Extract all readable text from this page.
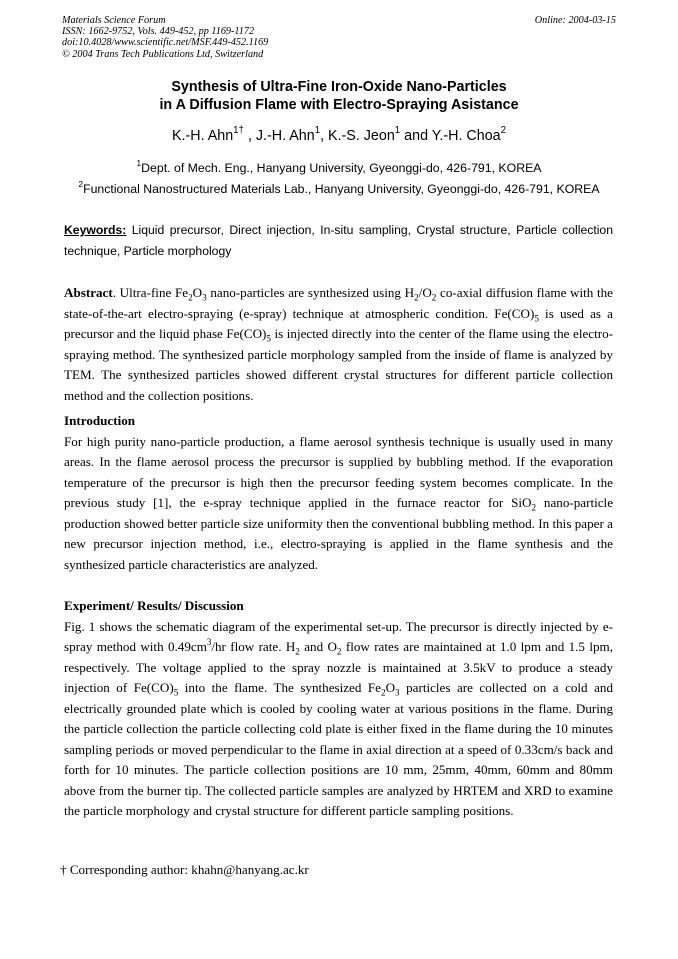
Materials Science Forum
ISSN: 1662-9752, Vols. 449-452, pp 1169-1172
doi:10.4028/www.scientific.net/MSF.449-452.1169
© 2004 Trans Tech Publications Ltd, Switzerland
Online: 2004-03-15
Synthesis of Ultra-Fine Iron-Oxide Nano-Particles
in A Diffusion Flame with Electro-Spraying Asistance
K.-H. Ahn$^{1\dagger}$ , J.-H. Ahn$^1$, K.-S. Jeon$^1$ and Y.-H. Choa$^2$
$^1$Dept. of Mech. Eng., Hanyang University, Gyeonggi-do, 426-791, KOREA
$^2$Functional Nanostructured Materials Lab., Hanyang University, Gyeonggi-do, 426-791, KOREA
Keywords: Liquid precursor, Direct injection, In-situ sampling, Crystal structure, Particle collection technique, Particle morphology
Abstract. Ultra-fine $Fe_2O_3$ nano-particles are synthesized using $H_2/O_2$ co-axial diffusion flame with the state-of-the-art electro-spraying (e-spray) technique at atmospheric condition. $Fe(CO)_5$ is used as a precursor and the liquid phase $Fe(CO)_5$ is injected directly into the center of the flame using the electro-spraying method. The synthesized particle morphology sampled from the inside of flame is analyzed by TEM. The synthesized particles showed different crystal structures for different particle collection method and the collection positions.
Introduction
For high purity nano-particle production, a flame aerosol synthesis technique is usually used in many areas. In the flame aerosol process the precursor is supplied by bubbling method. If the evaporation temperature of the precursor is high then the precursor feeding system becomes complicate. In the previous study [1], the e-spray technique applied in the furnace reactor for SiO$_2$ nano-particle production showed better particle size uniformity then the conventional bubbling method. In this paper a new precursor injection method, i.e., electro-spraying is applied in the flame synthesis and the synthesized particle characteristics are analyzed.
Experiment/ Results/ Discussion
Fig. 1 shows the schematic diagram of the experimental set-up. The precursor is directly injected by e-spray method with $0.49cm^3/hr$ flow rate. $H_2$ and $O_2$ flow rates are maintained at 1.0 lpm and 1.5 lpm, respectively. The voltage applied to the spray nozzle is maintained at 3.5kV to produce a steady injection of $Fe(CO)_5$ into the flame. The synthesized $Fe_2O_3$ particles are collected on a cold and electrically grounded plate which is cooled by cooling water at various positions in the flame. During the particle collection the particle collecting cold plate is either fixed in the flame during the 10 minutes sampling periods or moved perpendicular to the flame in axial direction at a speed of 0.33cm/s back and forth for 10 minutes. The particle collection positions are 10 mm, 25mm, 40mm, 60mm and 80mm above from the burner tip. The collected particle samples are analyzed by HRTEM and XRD to examine the particle morphology and crystal structure for different particle sampling positions.
† Corresponding author: khahn@hanyang.ac.kr
